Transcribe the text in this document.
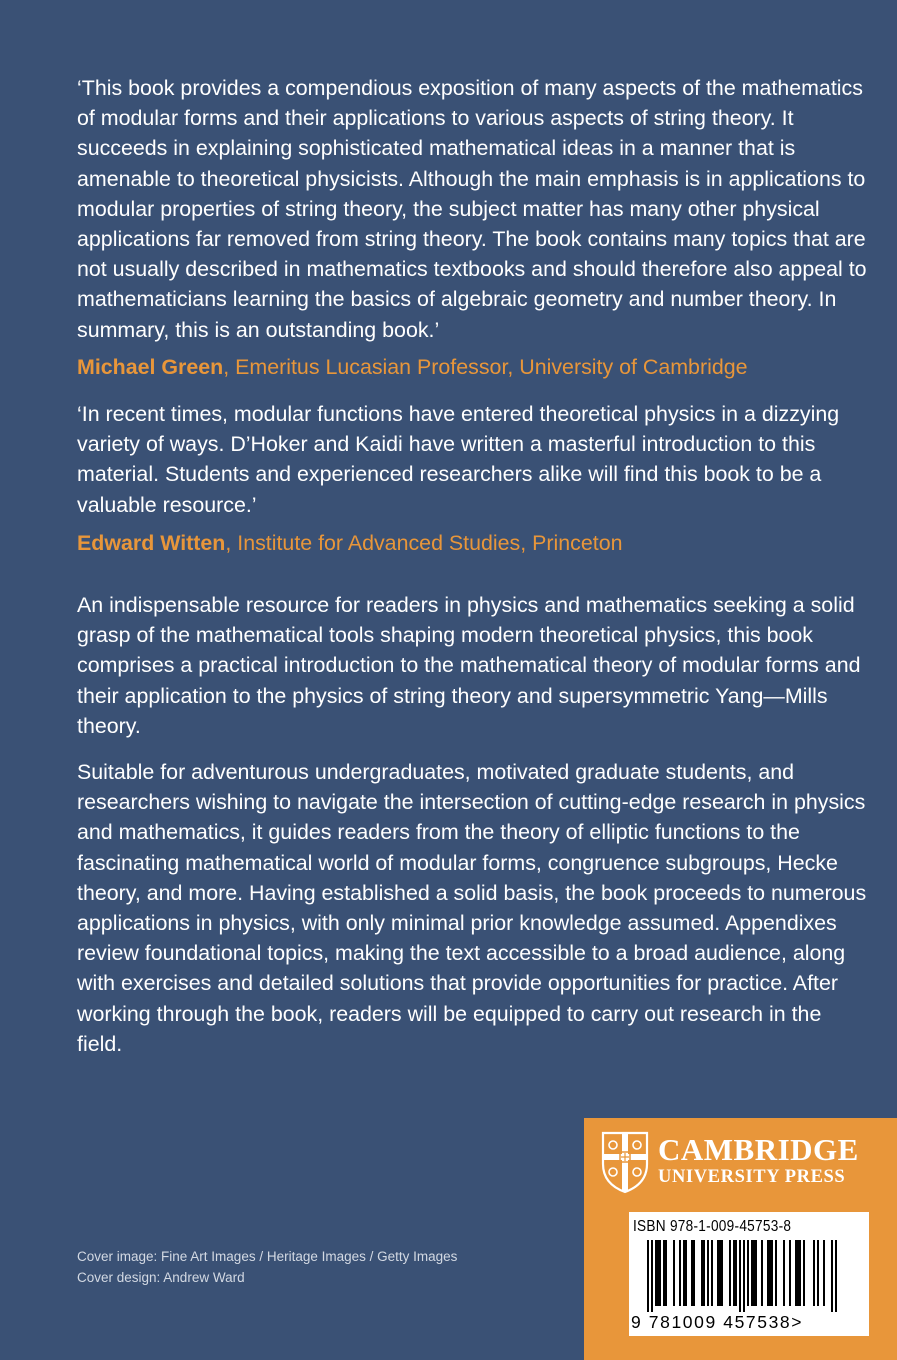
‘This book provides a compendious exposition of many aspects of the mathematics of modular forms and their applications to various aspects of string theory. It succeeds in explaining sophisticated mathematical ideas in a manner that is amenable to theoretical physicists. Although the main emphasis is in applications to modular properties of string theory, the subject matter has many other physical applications far removed from string theory. The book contains many topics that are not usually described in mathematics textbooks and should therefore also appeal to mathematicians learning the basics of algebraic geometry and number theory. In summary, this is an outstanding book.’

Michael Green, Emeritus Lucasian Professor, University of Cambridge

‘In recent times, modular functions have entered theoretical physics in a dizzying variety of ways. D’Hoker and Kaidi have written a masterful introduction to this material. Students and experienced researchers alike will find this book to be a valuable resource.’

Edward Witten, Institute for Advanced Studies, Princeton

An indispensable resource for readers in physics and mathematics seeking a solid grasp of the mathematical tools shaping modern theoretical physics, this book comprises a practical introduction to the mathematical theory of modular forms and their application to the physics of string theory and supersymmetric Yang—Mills theory.

Suitable for adventurous undergraduates, motivated graduate students, and researchers wishing to navigate the intersection of cutting-edge research in physics and mathematics, it guides readers from the theory of elliptic functions to the fascinating mathematical world of modular forms, congruence subgroups, Hecke theory, and more. Having established a solid basis, the book proceeds to numerous applications in physics, with only minimal prior knowledge assumed. Appendixes review foundational topics, making the text accessible to a broad audience, along with exercises and detailed solutions that provide opportunities for practice. After working through the book, readers will be equipped to carry out research in the field.

Cover image: Fine Art Images / Heritage Images / Getty Images
Cover design: Andrew Ward
CAMBRIDGE
UNIVERSITY PRESS
ISBN 978-1-009-45753-8
9 781009 457538>
